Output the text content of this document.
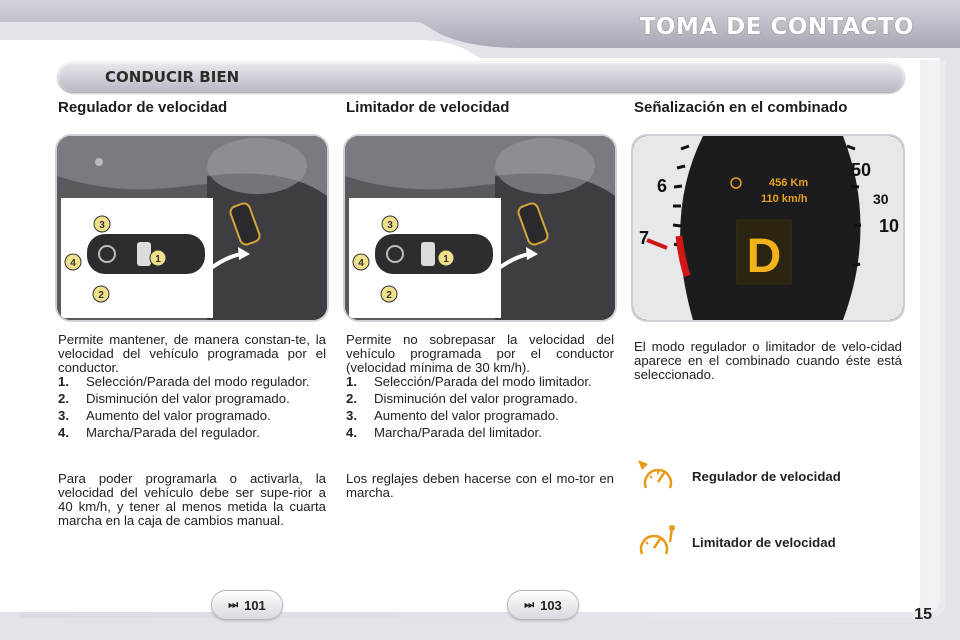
TOMA DE CONTACTO
CONDUCIR BIEN
Regulador de velocidad
3
4	1
2
Permite mantener, de manera constan-te, la velocidad del vehículo programada por el conductor.
1. Selección/Parada del modo regulador.
2. Disminución del valor programado.
3. Aumento del valor programado.
4. Marcha/Parada del regulador.
Para poder programarla o activarla, la velocidad del vehículo debe ser supe-rior a 40 km/h, y tener al menos metida la cuarta marcha en la caja de cambios manual.
Limitador de velocidad
3
4	1
2
Permite no sobrepasar la velocidad del vehículo programada por el conductor (velocidad mínima de 30 km/h).
1. Selección/Parada del modo limitador.
2. Disminución del valor programado.
3. Aumento del valor programado.
4. Marcha/Parada del limitador.
Los reglajes deben hacerse con el mo-tor en marcha.
Señalización en el combinado
6
7
50
30
10
456 Km
110 km/h
D
El modo regulador o limitador de velo-cidad aparece en el combinado cuando éste está seleccionado.
Regulador de velocidad
Limitador de velocidad
⏭ 101	⏭ 103
15
